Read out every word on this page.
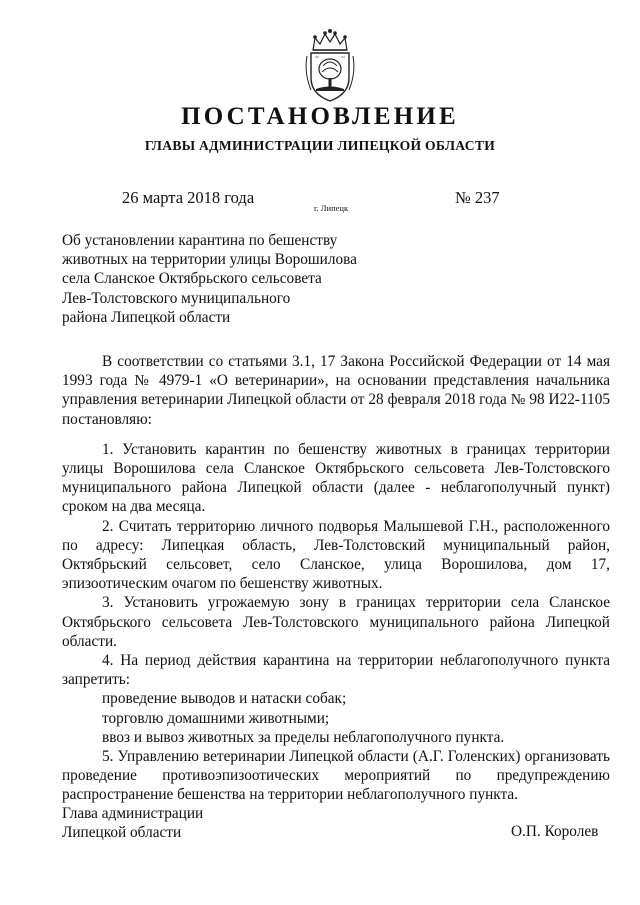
ПОСТАНОВЛЕНИЕ
ГЛАВЫ АДМИНИСТРАЦИИ ЛИПЕЦКОЙ ОБЛАСТИ
26 марта 2018 года
г. Липецк
№ 237
Об установлении карантина по бешенству
животных на территории улицы Ворошилова
села Сланское Октябрьского сельсовета
Лев-Толстовского муниципального
района Липецкой области

В соответствии со статьями 3.1, 17 Закона Российской Федерации от 14 мая 1993 года № 4979-1 «О ветеринарии», на основании представления начальника управления ветеринарии Липецкой области от 28 февраля 2018 года № 98 И22-1105 постановляю:

1. Установить карантин по бешенству животных в границах территории улицы Ворошилова села Сланское Октябрьского сельсовета Лев-Толстовского муниципального района Липецкой области (далее - неблагополучный пункт) сроком на два месяца.

2. Считать территорию личного подворья Малышевой Г.Н., расположенного по адресу: Липецкая область, Лев-Толстовский муниципальный район, Октябрьский сельсовет, село Сланское, улица Ворошилова, дом 17, эпизоотическим очагом по бешенству животных.

3. Установить угрожаемую зону в границах территории села Сланское Октябрьского сельсовета Лев-Толстовского муниципального района Липецкой области.

4. На период действия карантина на территории неблагополучного пункта запретить:

проведение выводов и натаски собак;

торговлю домашними животными;

ввоз и вывоз животных за пределы неблагополучного пункта.

5. Управлению ветеринарии Липецкой области (А.Г. Голенских) организовать проведение противоэпизоотических мероприятий по предупреждению распространение бешенства на территории неблагополучного пункта.

Глава администрации
Липецкой области	О.П. Королев
